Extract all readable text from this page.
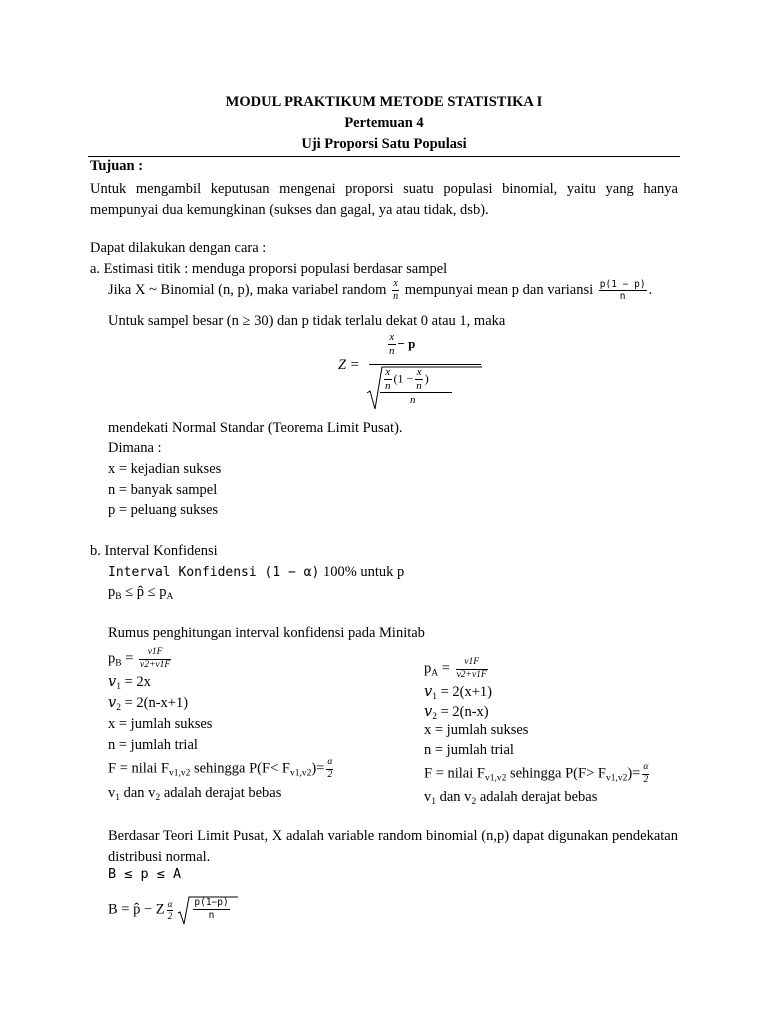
MODUL PRAKTIKUM METODE STATISTIKA I
Pertemuan 4
Uji Proporsi Satu Populasi
Tujuan :
Untuk mengambil keputusan mengenai proporsi suatu populasi binomial, yaitu yang hanya mempunyai dua kemungkinan (sukses dan gagal, ya atau tidak, dsb).
Dapat dilakukan dengan cara :
a. Estimasi titik : menduga proporsi populasi berdasar sampel
Jika X ~ Binomial (n, p), maka variabel random $\frac{x}{n}$ mempunyai mean p dan variansi $\frac{p(1 - p)}{n}$ .
Untuk sampel besar (n ≥ 30) dan p tidak terlalu dekat 0 atau 1, maka
Z =
$\frac{x}{n} - p$
$\frac{x}{n} (1 - \frac{x}{n}$ )
n
mendekati Normal Standar (Teorema Limit Pusat).
Dimana :
x = kejadian sukses
n = banyak sampel
p = peluang sukses
b. Interval Konfidensi
Interval Konfidensi (1 − α) 100% untuk p
$p_B$ ≤ p̂ ≤ $p_A$
Rumus penghitungan interval konfidensi pada Minitab
$p_B = \frac{v1F}{v2+v1F}$
𝑣$_1$ = 2x
𝑣$_2$ = 2(n-x+1)
x = jumlah sukses
n = jumlah trial
F = nilai $F_{v1,v2}$ sehingga $P(F< F_{v1,v2})= \frac{\alpha}{2}$
$v_1$ dan $v_2$ adalah derajat bebas
$p_A = \frac{v1F}{v2+v1F}$
𝑣$_1$ = 2(x+1)
𝑣$_2$ = 2(n-x)
x = jumlah sukses
n = jumlah trial
F = nilai $F_{v1,v2}$ sehingga $P(F> F_{v1,v2})= \frac{\alpha}{2}$
$v_1$ dan $v_2$ adalah derajat bebas
Berdasar Teori Limit Pusat, X adalah variable random binomial (n,p) dapat digunakan pendekatan distribusi normal.
B ≤ p ≤ A
B = p̂ − Z $\frac{\alpha}{2} \frac{p(1-p)}{n}$
